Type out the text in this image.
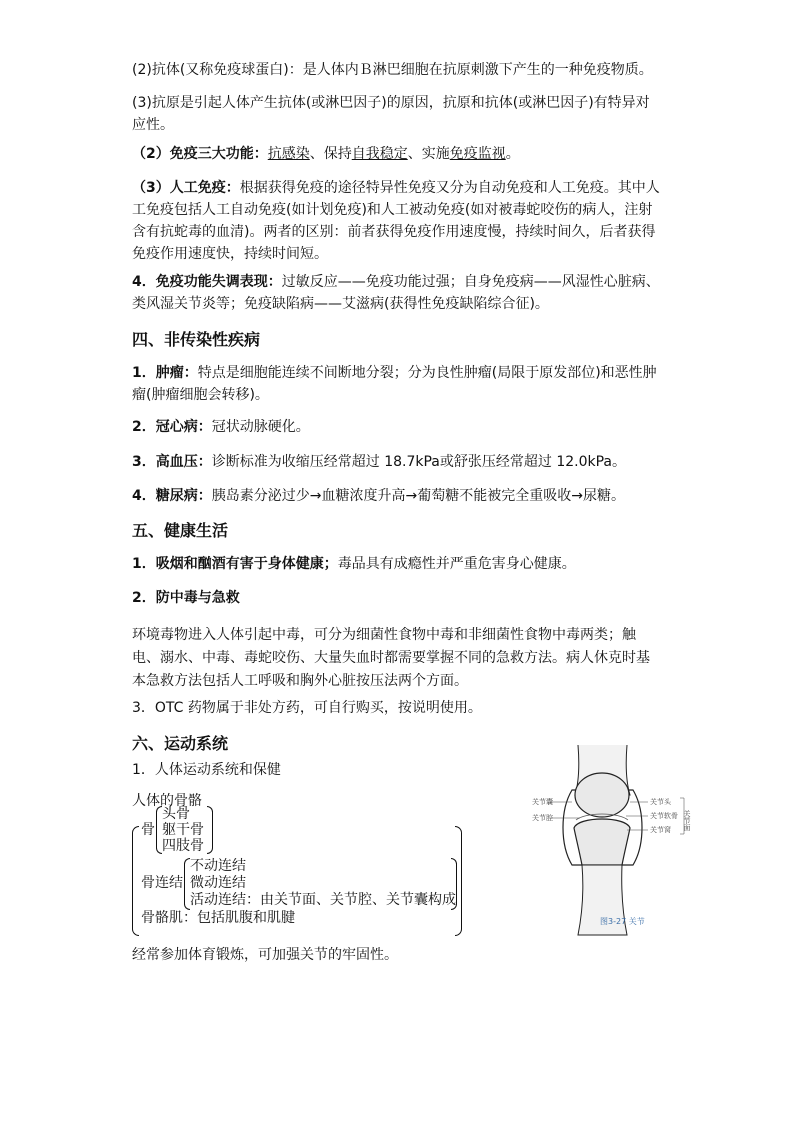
(2)抗体(又称免疫球蛋白)：是人体内Ｂ淋巴细胞在抗原刺激下产生的一种免疫物质。

(3)抗原是引起人体产生抗体(或淋巴因子)的原因，抗原和抗体(或淋巴因子)有特异对应性。

（2）免疫三大功能：抗感染、保持自我稳定、实施免疫监视。

（3）人工免疫：根据获得免疫的途径特异性免疫又分为自动免疫和人工免疫。其中人工免疫包括人工自动免疫(如计划免疫)和人工被动免疫(如对被毒蛇咬伤的病人，注射含有抗蛇毒的血清)。两者的区别：前者获得免疫作用速度慢，持续时间久，后者获得免疫作用速度快，持续时间短。

4．免疫功能失调表现：过敏反应——免疫功能过强；自身免疫病——风湿性心脏病、类风湿关节炎等；免疫缺陷病——艾滋病(获得性免疫缺陷综合征)。

四、非传染性疾病

1．肿瘤：特点是细胞能连续不间断地分裂；分为良性肿瘤(局限于原发部位)和恶性肿瘤(肿瘤细胞会转移)。

2．冠心病：冠状动脉硬化。

3．高血压：诊断标准为收缩压经常超过 18.7kPa或舒张压经常超过 12.0kPa。

4．糖尿病：胰岛素分泌过少→血糖浓度升高→葡萄糖不能被完全重吸收→尿糖。

五、健康生活

1．吸烟和酗酒有害于身体健康；毒品具有成瘾性并严重危害身心健康。

2．防中毒与急救

环境毒物进入人体引起中毒，可分为细菌性食物中毒和非细菌性食物中毒两类；触电、溺水、中毒、毒蛇咬伤、大量失血时都需要掌握不同的急救方法。病人休克时基本急救方法包括人工呼吸和胸外心脏按压法两个方面。

3．OTC 药物属于非处方药，可自行购买，按说明使用。

六、运动系统

1．人体运动系统和保健

人体的骨骼
骨
头骨
躯干骨
四肢骨
骨连结
不动连结
微动连结
活动连结：由关节面、关节腔、关节囊构成
骨骼肌：包括肌腹和肌腱

经常参加体育锻炼，可加强关节的牢固性。

关节囊
关节腔
关节头
关节软骨
关节窝 关节面
图3-27 关节
